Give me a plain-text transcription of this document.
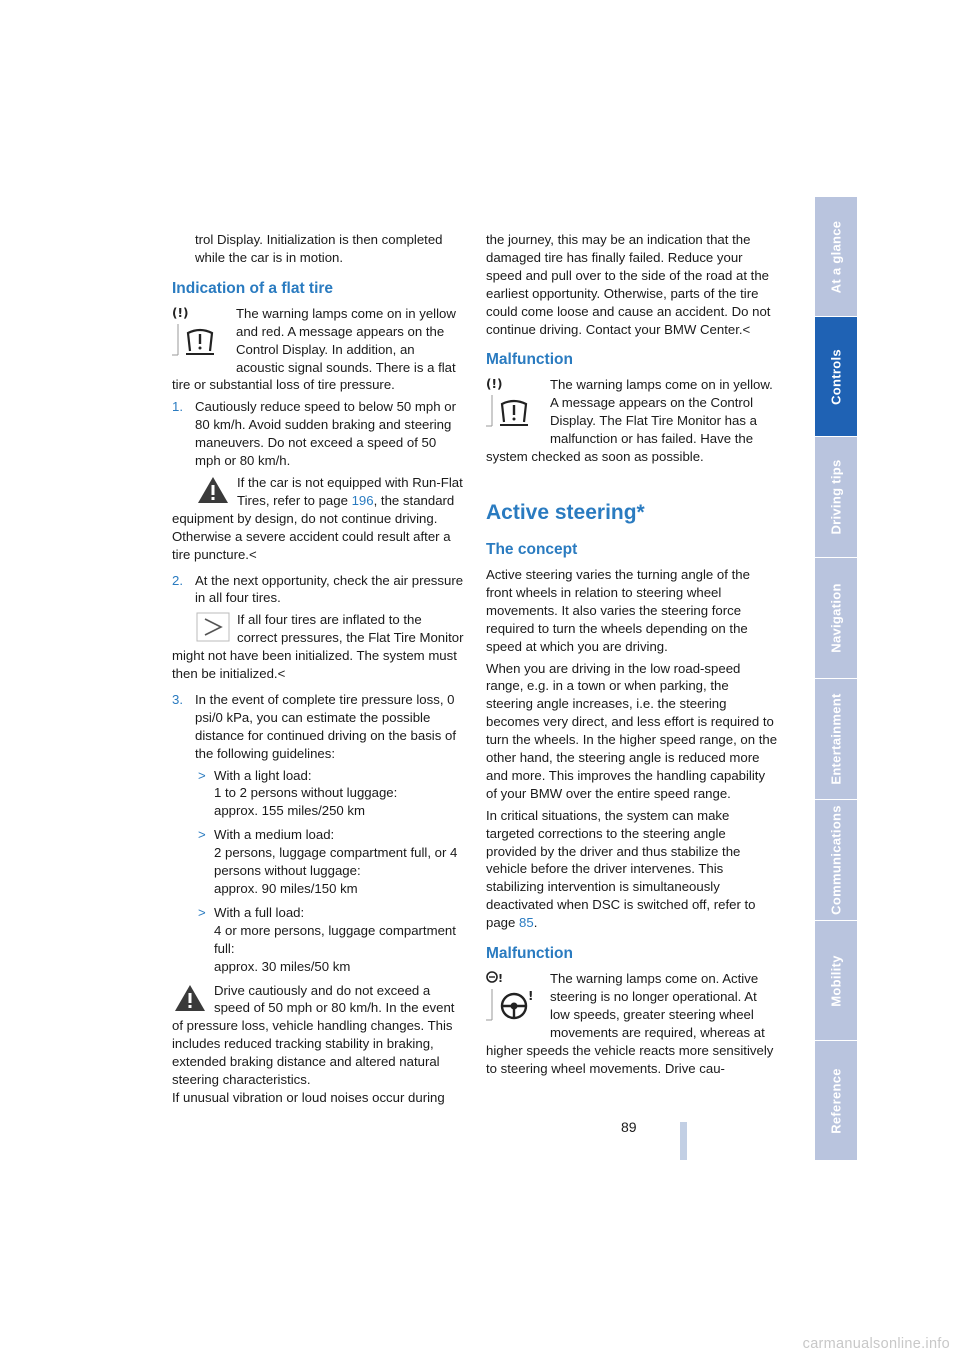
trol Display. Initialization is then completed while the car is in motion.

Indication of a flat tire
(!)	The warning lamps come on in yellow and red. A message appears on the Control Display. In addition, an acoustic signal sounds. There is a flat tire or substantial loss of tire pressure.

1. Cautiously reduce speed to below 50 mph or 80 km/h. Avoid sudden braking and steering maneuvers. Do not exceed a speed of 50 mph or 80 km/h.
If the car is not equipped with Run-Flat Tires, refer to page 196, the standard equipment by design, do not continue driving. Otherwise a severe accident could result after a tire puncture.<
2. At the next opportunity, check the air pressure in all four tires.
If all four tires are inflated to the correct pressures, the Flat Tire Monitor might not have been initialized. The system must then be initialized.<
3. In the event of complete tire pressure loss, 0 psi/0 kPa, you can estimate the possible distance for continued driving on the basis of the following guidelines:
> With a light load:
1 to 2 persons without luggage:
approx. 155 miles/250 km
> With a medium load:
2 persons, luggage compartment full, or 4 persons without luggage:
approx. 90 miles/150 km
> With a full load:
4 or more persons, luggage compartment full:
approx. 30 miles/50 km
Drive cautiously and do not exceed a speed of 50 mph or 80 km/h. In the event of pressure loss, vehicle handling changes. This includes reduced tracking stability in braking, extended braking distance and altered natural steering characteristics.

If unusual vibration or loud noises occur during

the journey, this may be an indication that the damaged tire has finally failed. Reduce your speed and pull over to the side of the road at the earliest opportunity. Otherwise, parts of the tire could come loose and cause an accident. Do not continue driving. Contact your BMW Center.<

Malfunction
(!)	The warning lamps come on in yellow. A message appears on the Control Display. The Flat Tire Monitor has a malfunction or has failed. Have the system checked as soon as possible.

Active steering*
The concept

Active steering varies the turning angle of the front wheels in relation to steering wheel movements. It also varies the steering force required to turn the wheels depending on the speed at which you are driving.

When you are driving in the low road-speed range, e.g. in a town or when parking, the steering angle increases, i.e. the steering becomes very direct, and less effort is required to turn the wheels. In the higher speed range, on the other hand, the steering angle is reduced more and more. This improves the handling capability of your BMW over the entire speed range.

In critical situations, the system can make targeted corrections to the steering angle provided by the driver and thus stabilize the vehicle before the driver intervenes. This stabilizing intervention is simultaneously deactivated when DSC is switched off, refer to page 85.

Malfunction
!
!

The warning lamps come on. Active steering is no longer operational. At low speeds, greater steering wheel movements are required, whereas at higher speeds the vehicle reacts more sensitively to steering wheel movements. Drive cau-

At a glance
Controls
Driving tips
Navigation
Entertainment
Communications
Mobility
Reference
89
carmanualsonline.info
